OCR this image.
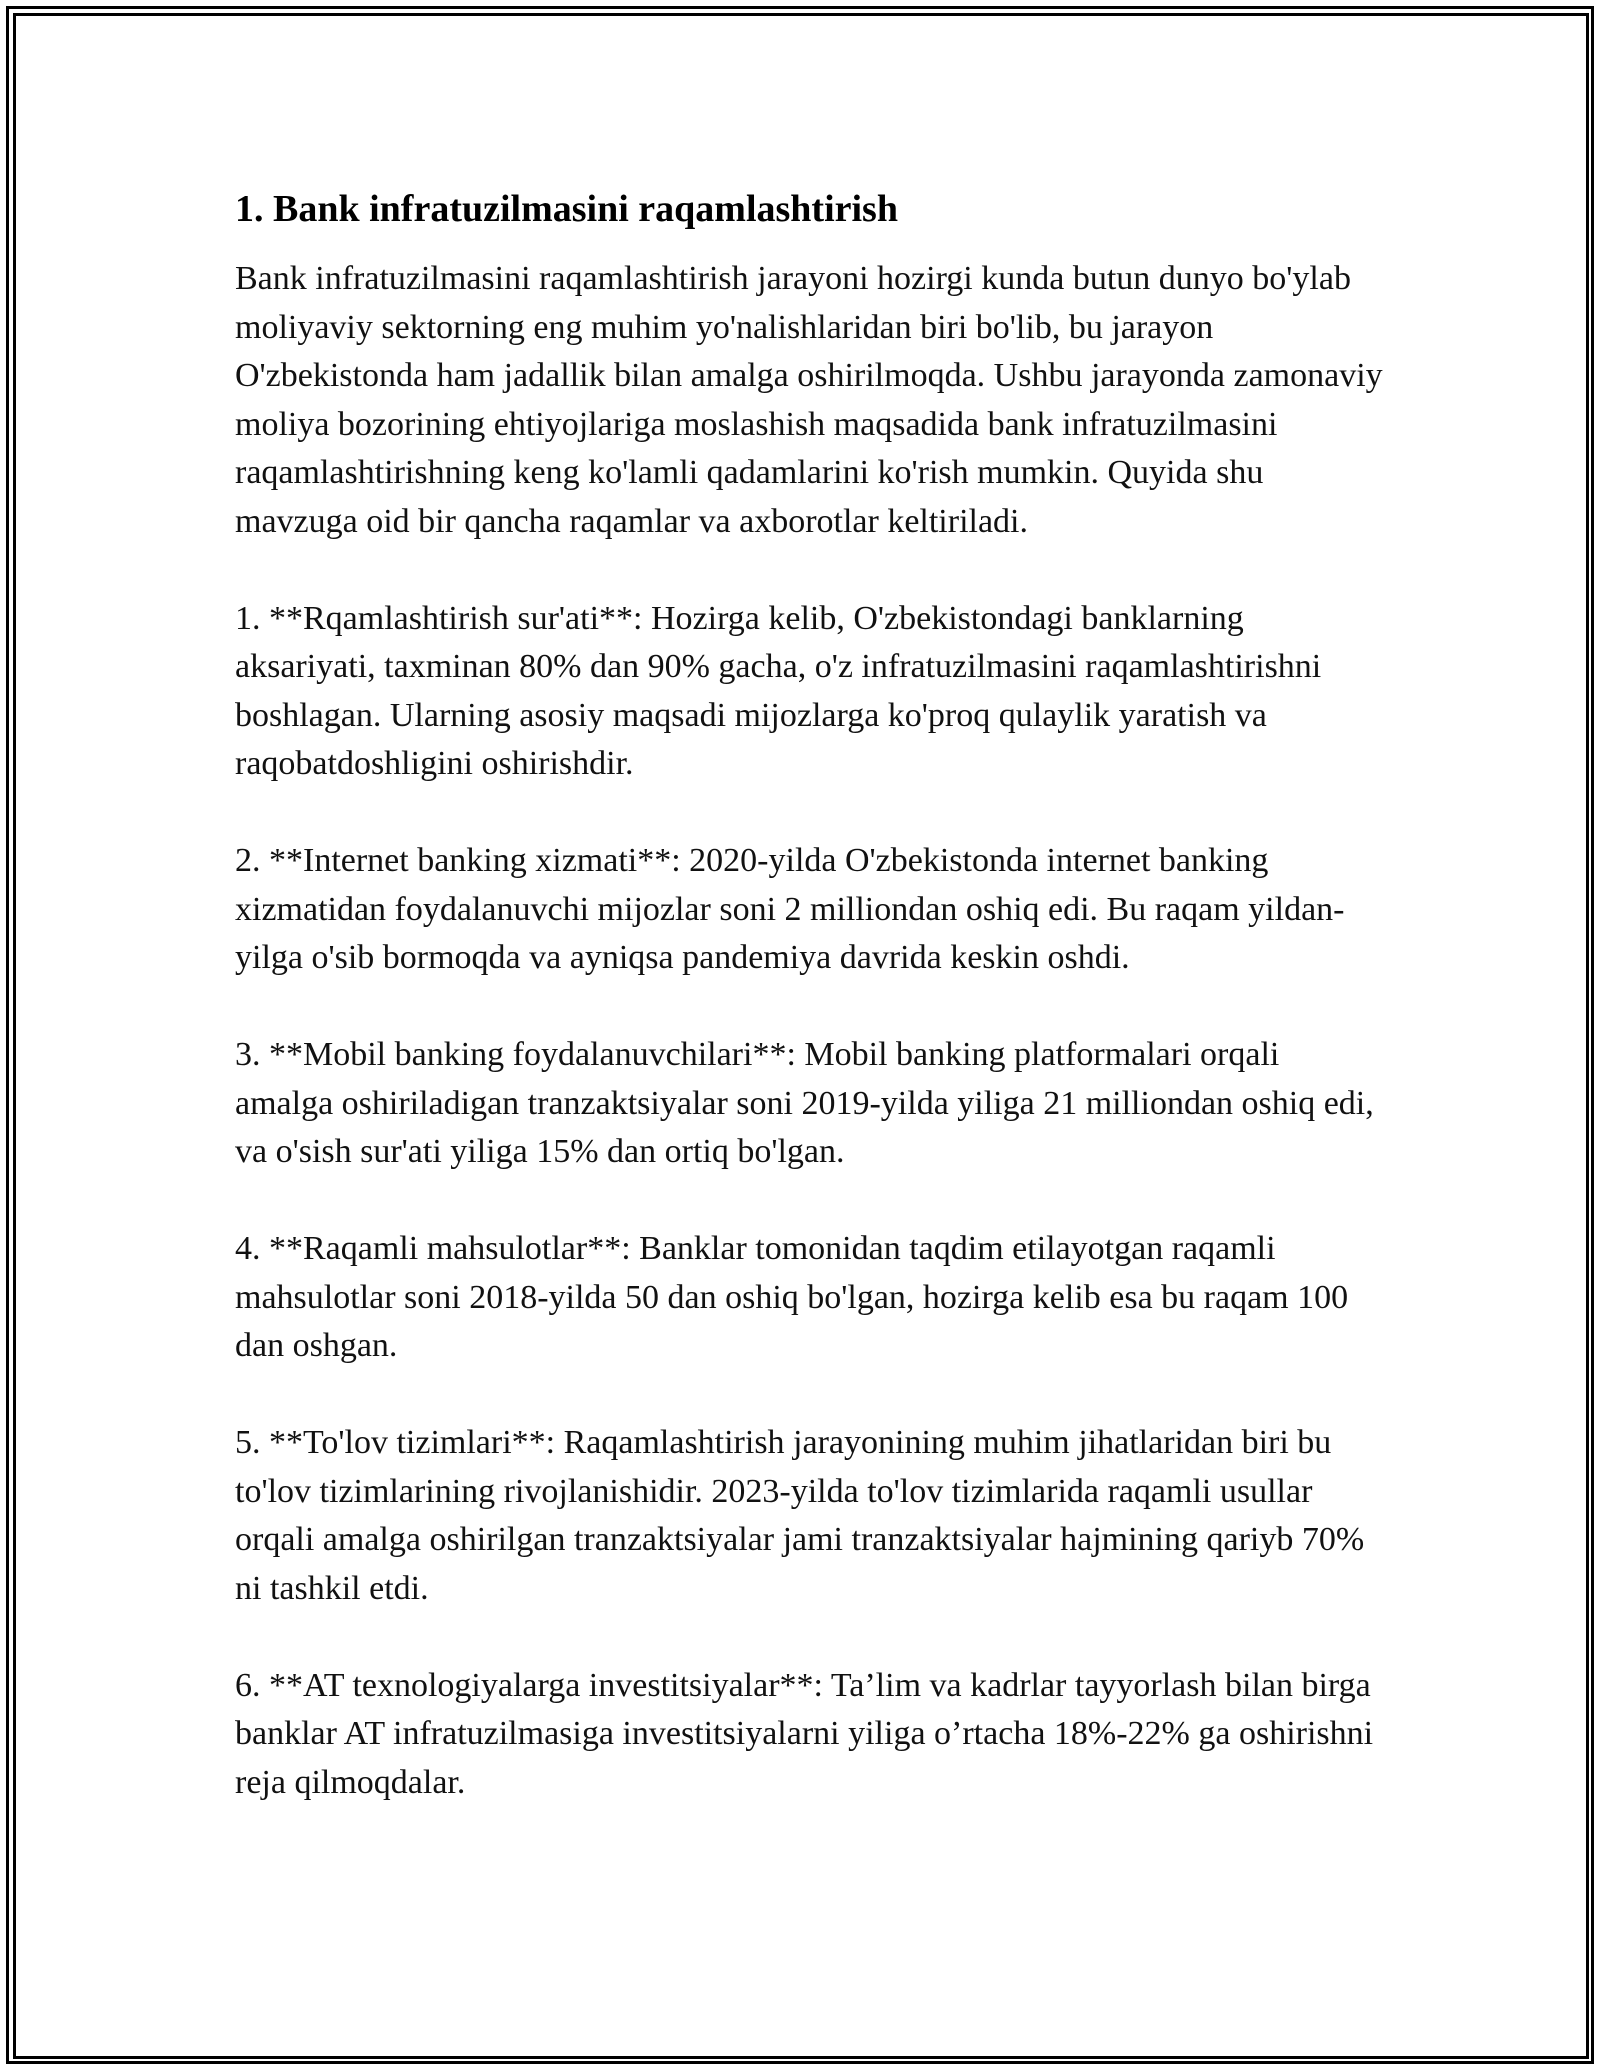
1. Bank infratuzilmasini raqamlashtirish

Bank infratuzilmasini raqamlashtirish jarayoni hozirgi kunda butun dunyo bo'ylab moliyaviy sektorning eng muhim yo'nalishlaridan biri bo'lib, bu jarayon O'zbekistonda ham jadallik bilan amalga oshirilmoqda. Ushbu jarayonda zamonaviy moliya bozorining ehtiyojlariga moslashish maqsadida bank infratuzilmasini raqamlashtirishning keng ko'lamli qadamlarini ko'rish mumkin. Quyida shu mavzuga oid bir qancha raqamlar va axborotlar keltiriladi.

1. **Rqamlashtirish sur'ati**: Hozirga kelib, O'zbekistondagi banklarning aksariyati, taxminan 80% dan 90% gacha, o'z infratuzilmasini raqamlashtirishni boshlagan. Ularning asosiy maqsadi mijozlarga ko'proq qulaylik yaratish va raqobatdoshligini oshirishdir.

2. **Internet banking xizmati**: 2020-yilda O'zbekistonda internet banking xizmatidan foydalanuvchi mijozlar soni 2 milliondan oshiq edi. Bu raqam yildan-yilga o'sib bormoqda va ayniqsa pandemiya davrida keskin oshdi.

3. **Mobil banking foydalanuvchilari**: Mobil banking platformalari orqali amalga oshiriladigan tranzaktsiyalar soni 2019-yilda yiliga 21 milliondan oshiq edi, va o'sish sur'ati yiliga 15% dan ortiq bo'lgan.

4. **Raqamli mahsulotlar**: Banklar tomonidan taqdim etilayotgan raqamli mahsulotlar soni 2018-yilda 50 dan oshiq bo'lgan, hozirga kelib esa bu raqam 100 dan oshgan.

5. **To'lov tizimlari**: Raqamlashtirish jarayonining muhim jihatlaridan biri bu to'lov tizimlarining rivojlanishidir. 2023-yilda to'lov tizimlarida raqamli usullar orqali amalga oshirilgan tranzaktsiyalar jami tranzaktsiyalar hajmining qariyb 70% ni tashkil etdi.

6. **AT texnologiyalarga investitsiyalar**: Ta’lim va kadrlar tayyorlash bilan birga banklar AT infratuzilmasiga investitsiyalarni yiliga o’rtacha 18%-22% ga oshirishni reja qilmoqdalar.
